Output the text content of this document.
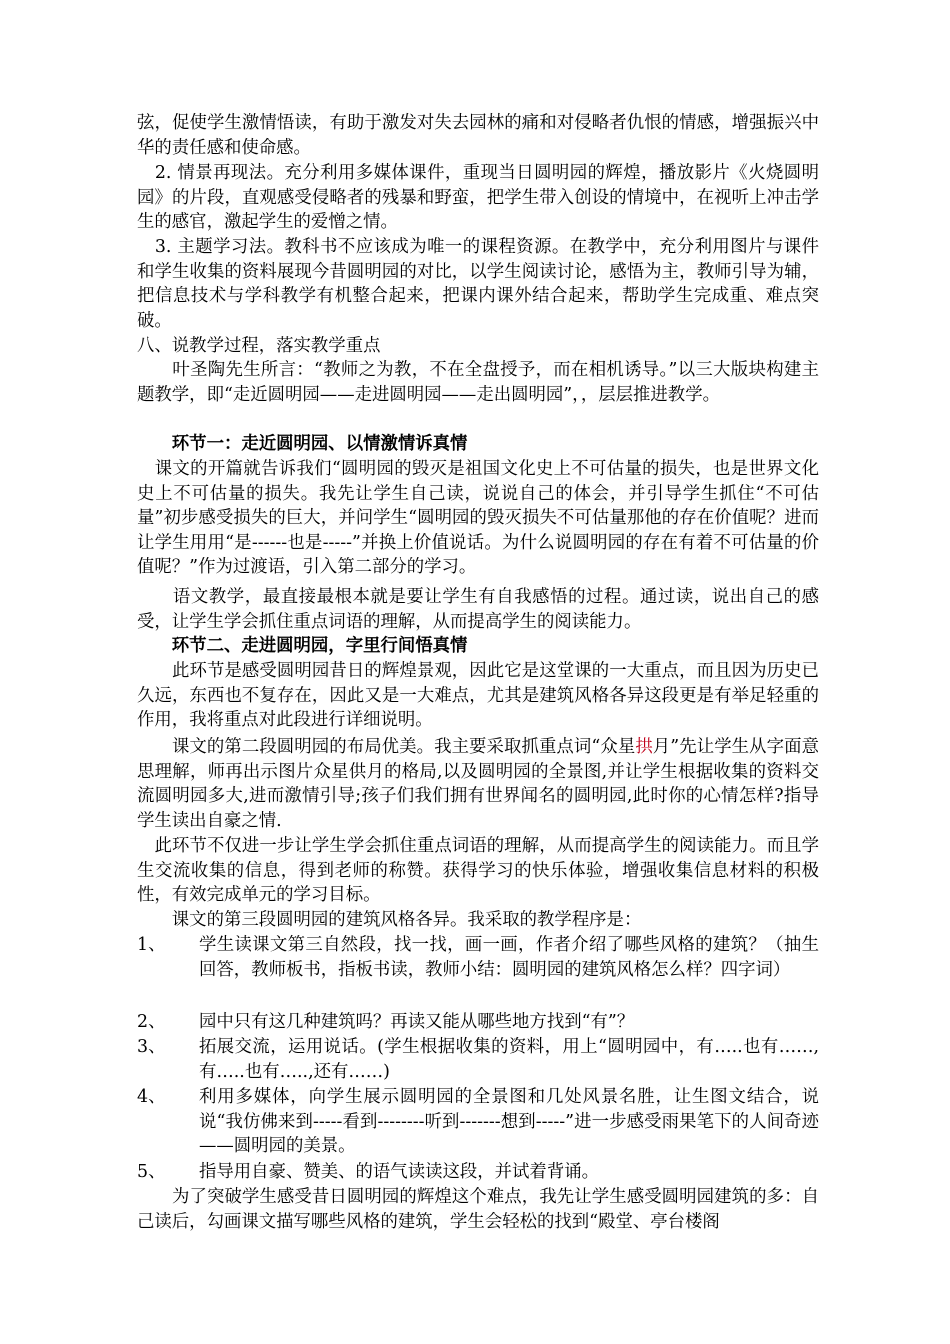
弦，促使学生激情悟读，有助于激发对失去园林的痛和对侵略者仇恨的情感，增强振兴中华的责任感和使命感。

　2. 情景再现法。充分利用多媒体课件，重现当日圆明园的辉煌，播放影片《火烧圆明园》的片段，直观感受侵略者的残暴和野蛮，把学生带入创设的情境中，在视听上冲击学生的感官，激起学生的爱憎之情。

　3. 主题学习法。教科书不应该成为唯一的课程资源。在教学中，充分利用图片与课件和学生收集的资料展现今昔圆明园的对比，以学生阅读讨论，感悟为主，教师引导为辅，把信息技术与学科教学有机整合起来，把课内课外结合起来，帮助学生完成重、难点突破。

八、说教学过程，落实教学重点

　　叶圣陶先生所言：“教师之为教，不在全盘授予，而在相机诱导。”以三大版块构建主题教学，即“走近圆明园——走进圆明园——走出圆明园”，，层层推进教学。

　　环节一：走近圆明园、以情激情诉真情

　课文的开篇就告诉我们“圆明园的毁灭是祖国文化史上不可估量的损失，也是世界文化史上不可估量的损失。我先让学生自己读，说说自己的体会，并引导学生抓住“不可估量”初步感受损失的巨大，并问学生“圆明园的毁灭损失不可估量那他的存在价值呢？进而让学生用用“是------也是-----”并换上价值说话。为什么说圆明园的存在有着不可估量的价值呢？”作为过渡语，引入第二部分的学习。

　　语文教学，最直接最根本就是要让学生有自我感悟的过程。通过读，说出自己的感受，让学生学会抓住重点词语的理解，从而提高学生的阅读能力。

　　环节二、走进圆明园，字里行间悟真情

　　此环节是感受圆明园昔日的辉煌景观，因此它是这堂课的一大重点，而且因为历史已久远，东西也不复存在，因此又是一大难点，尤其是建筑风格各异这段更是有举足轻重的作用，我将重点对此段进行详细说明。

　　课文的第二段圆明园的布局优美。我主要采取抓重点词“众星拱月”先让学生从字面意思理解，师再出示图片众星供月的格局,以及圆明园的全景图,并让学生根据收集的资料交流圆明园多大,进而激情引导;孩子们我们拥有世界闻名的圆明园,此时你的心情怎样?指导学生读出自豪之情.

　此环节不仅进一步让学生学会抓住重点词语的理解，从而提高学生的阅读能力。而且学生交流收集的信息，得到老师的称赞。获得学习的快乐体验，增强收集信息材料的积极性，有效完成单元的学习目标。

　　课文的第三段圆明园的建筑风格各异。我采取的教学程序是：

1、 学生读课文第三自然段，找一找，画一画，作者介绍了哪些风格的建筑？（抽生回答，教师板书，指板书读，教师小结：圆明园的建筑风格怎么样？四字词）
2、 园中只有这几种建筑吗？再读又能从哪些地方找到“有”？
3、 拓展交流，运用说话。(学生根据收集的资料，用上“圆明园中，有…..也有……,有…..也有…..,还有……)
4、 利用多媒体，向学生展示圆明园的全景图和几处风景名胜，让生图文结合，说说“我仿佛来到-----看到--------听到-------想到-----”进一步感受雨果笔下的人间奇迹——圆明园的美景。
5、 指导用自豪、赞美、的语气读读这段，并试着背诵。

　　为了突破学生感受昔日圆明园的辉煌这个难点，我先让学生感受圆明园建筑的多：自己读后，勾画课文描写哪些风格的建筑，学生会轻松的找到“殿堂、亭台楼阁
